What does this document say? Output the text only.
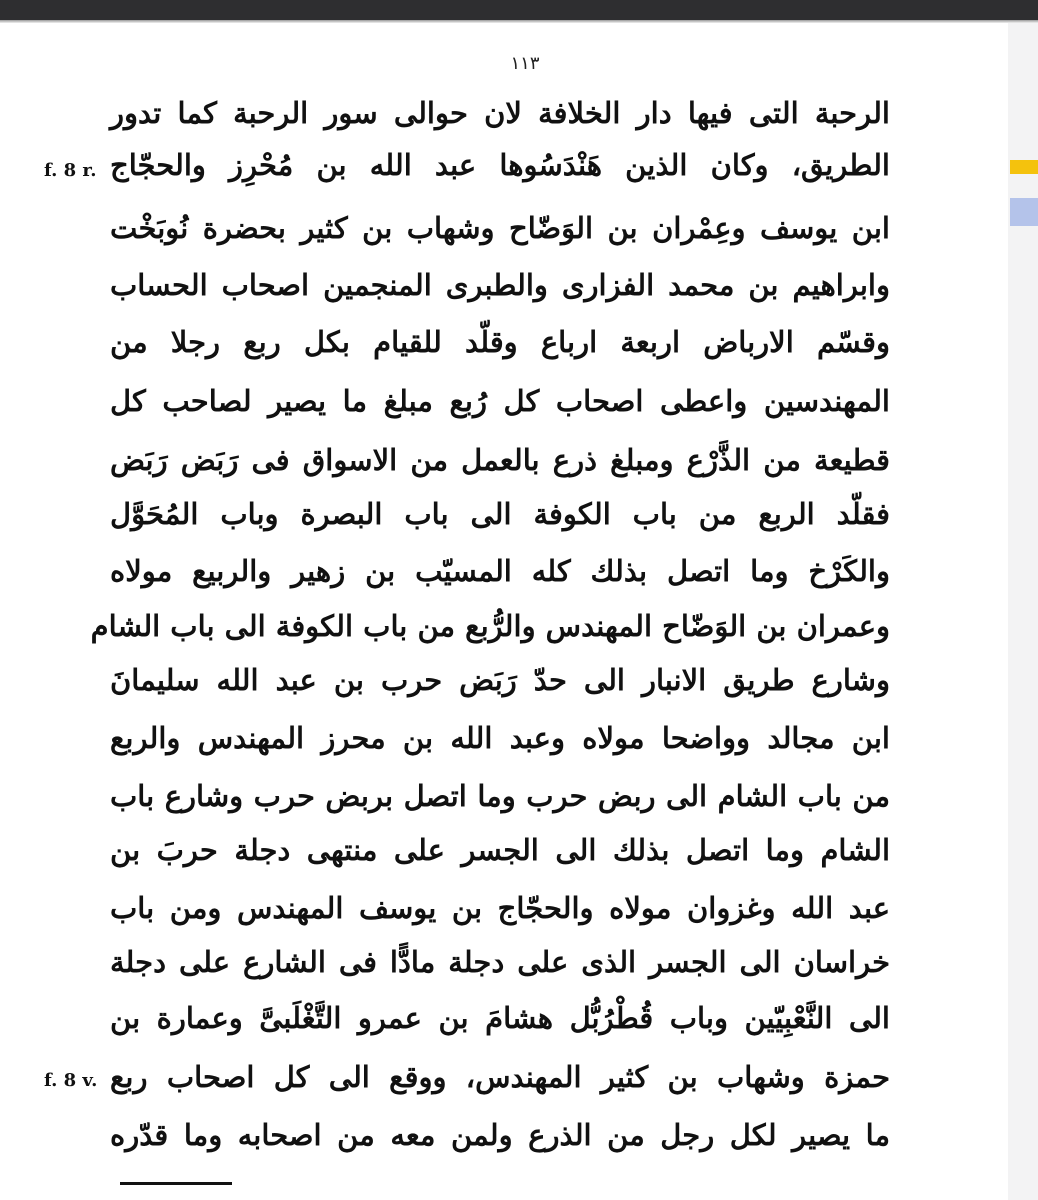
١١٣
الرحبة التى فيها دار الخلافة لان حوالى سور الرحبة كما تدور
الطريق، وكان الذين هَنْدَسُوها عبد الله بن مُحْرِز والحجّاج
ابن يوسف وعِمْران بن الوَضّاح وشهاب بن كثير بحضرة نُوبَخْت
وابراهيم بن محمد الفزارى والطبرى المنجمين اصحاب الحساب
وقسّم الارباض اربعة ارباع وقلّد للقيام بكل ربع رجلا من
المهندسين واعطى اصحاب كل رُبع مبلغ ما يصير لصاحب كل
قطيعة من الذَّرْع ومبلغ ذرع بالعمل من الاسواق فى رَبَض رَبَض
فقلّد الربع من باب الكوفة الى باب البصرة وباب المُحَوَّل
والكَرْخ وما اتصل بذلك كله المسيّب بن زهير والربيع مولاه
وعمران بن الوَضّاح المهندس والرُّبع من باب الكوفة الى باب الشام
وشارع طريق الانبار الى حدّ رَبَض حرب بن عبد الله سليمانَ
ابن مجالد وواضحا مولاه وعبد الله بن محرز المهندس والربع
من باب الشام الى ربض حرب وما اتصل بربض حرب وشارع باب
الشام وما اتصل بذلك الى الجسر على منتهى دجلة حربَ بن
عبد الله وغزوان مولاه والحجّاج بن يوسف المهندس ومن باب
خراسان الى الجسر الذى على دجلة مادًّا فى الشارع على دجلة
الى النَّعْبِيّين وباب قُطْرُبُّل هشامَ بن عمرو التَّغْلَبىَّ وعمارة بن
حمزة وشهاب بن كثير المهندس، ووقع الى كل اصحاب ربع
ما يصير لكل رجل من الذرع ولمن معه من اصحابه وما قدّره
f. 8 r.
f. 8 v.
